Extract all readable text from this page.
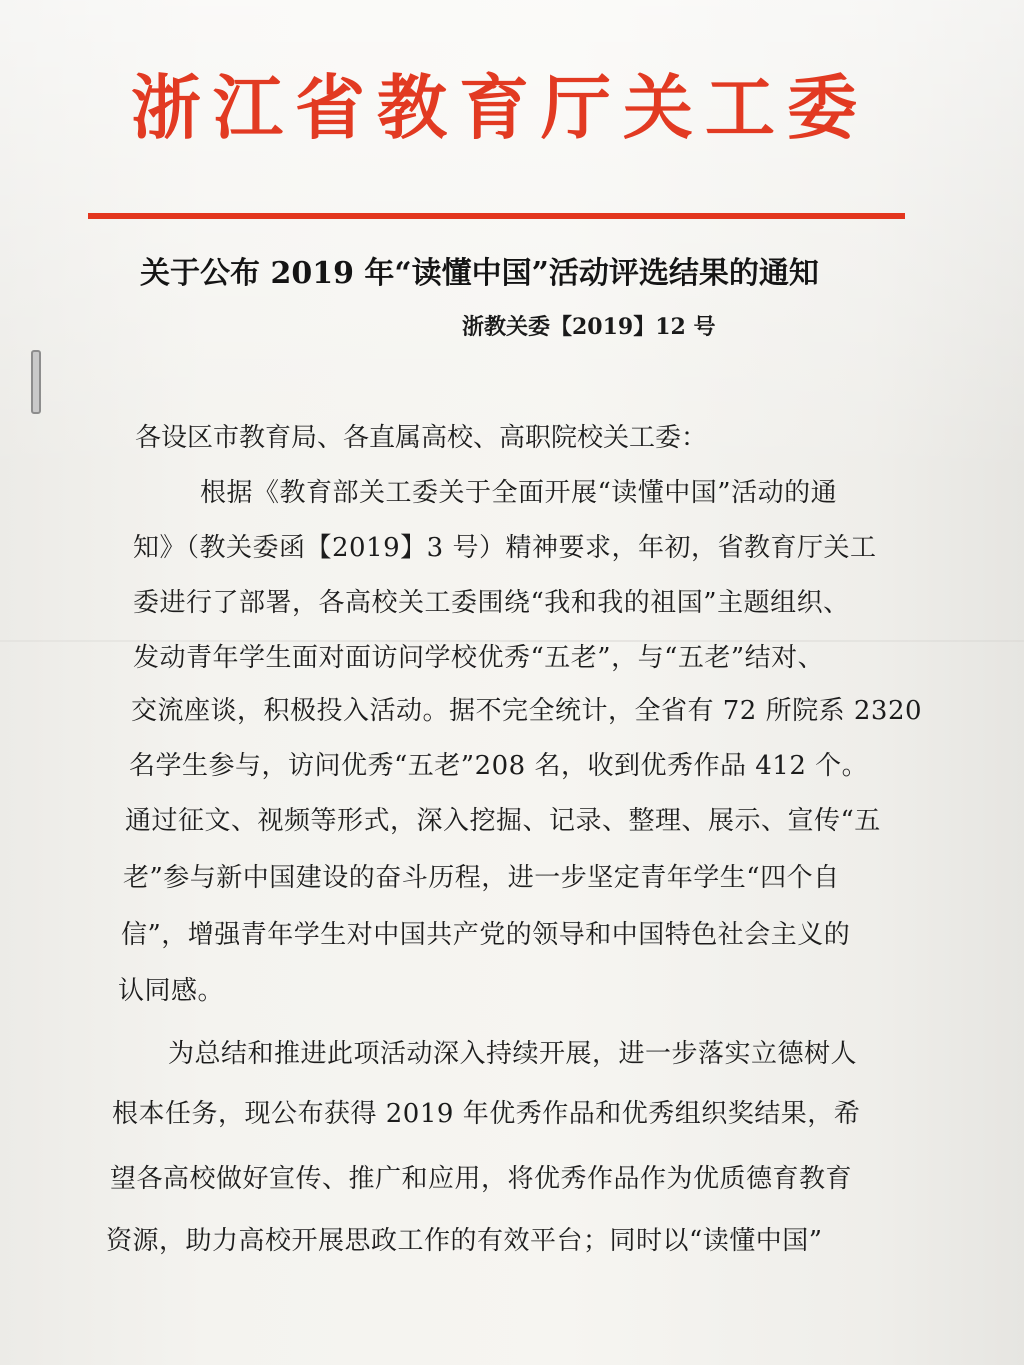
浙江省教育厅关工委
关于公布 2019 年“读懂中国”活动评选结果的通知
浙教关委【2019】12 号
各设区市教育局、各直属高校、高职院校关工委：
根据《教育部关工委关于全面开展“读懂中国”活动的通
知》（教关委函【2019】3 号）精神要求，年初，省教育厅关工
委进行了部署，各高校关工委围绕“我和我的祖国”主题组织、
发动青年学生面对面访问学校优秀“五老”，与“五老”结对、
交流座谈，积极投入活动。据不完全统计，全省有 72 所院系 2320
名学生参与，访问优秀“五老”208 名，收到优秀作品 412 个。
通过征文、视频等形式，深入挖掘、记录、整理、展示、宣传“五
老”参与新中国建设的奋斗历程，进一步坚定青年学生“四个自
信”，增强青年学生对中国共产党的领导和中国特色社会主义的
认同感。
为总结和推进此项活动深入持续开展，进一步落实立德树人
根本任务，现公布获得 2019 年优秀作品和优秀组织奖结果，希
望各高校做好宣传、推广和应用，将优秀作品作为优质德育教育
资源，助力高校开展思政工作的有效平台；同时以“读懂中国”
